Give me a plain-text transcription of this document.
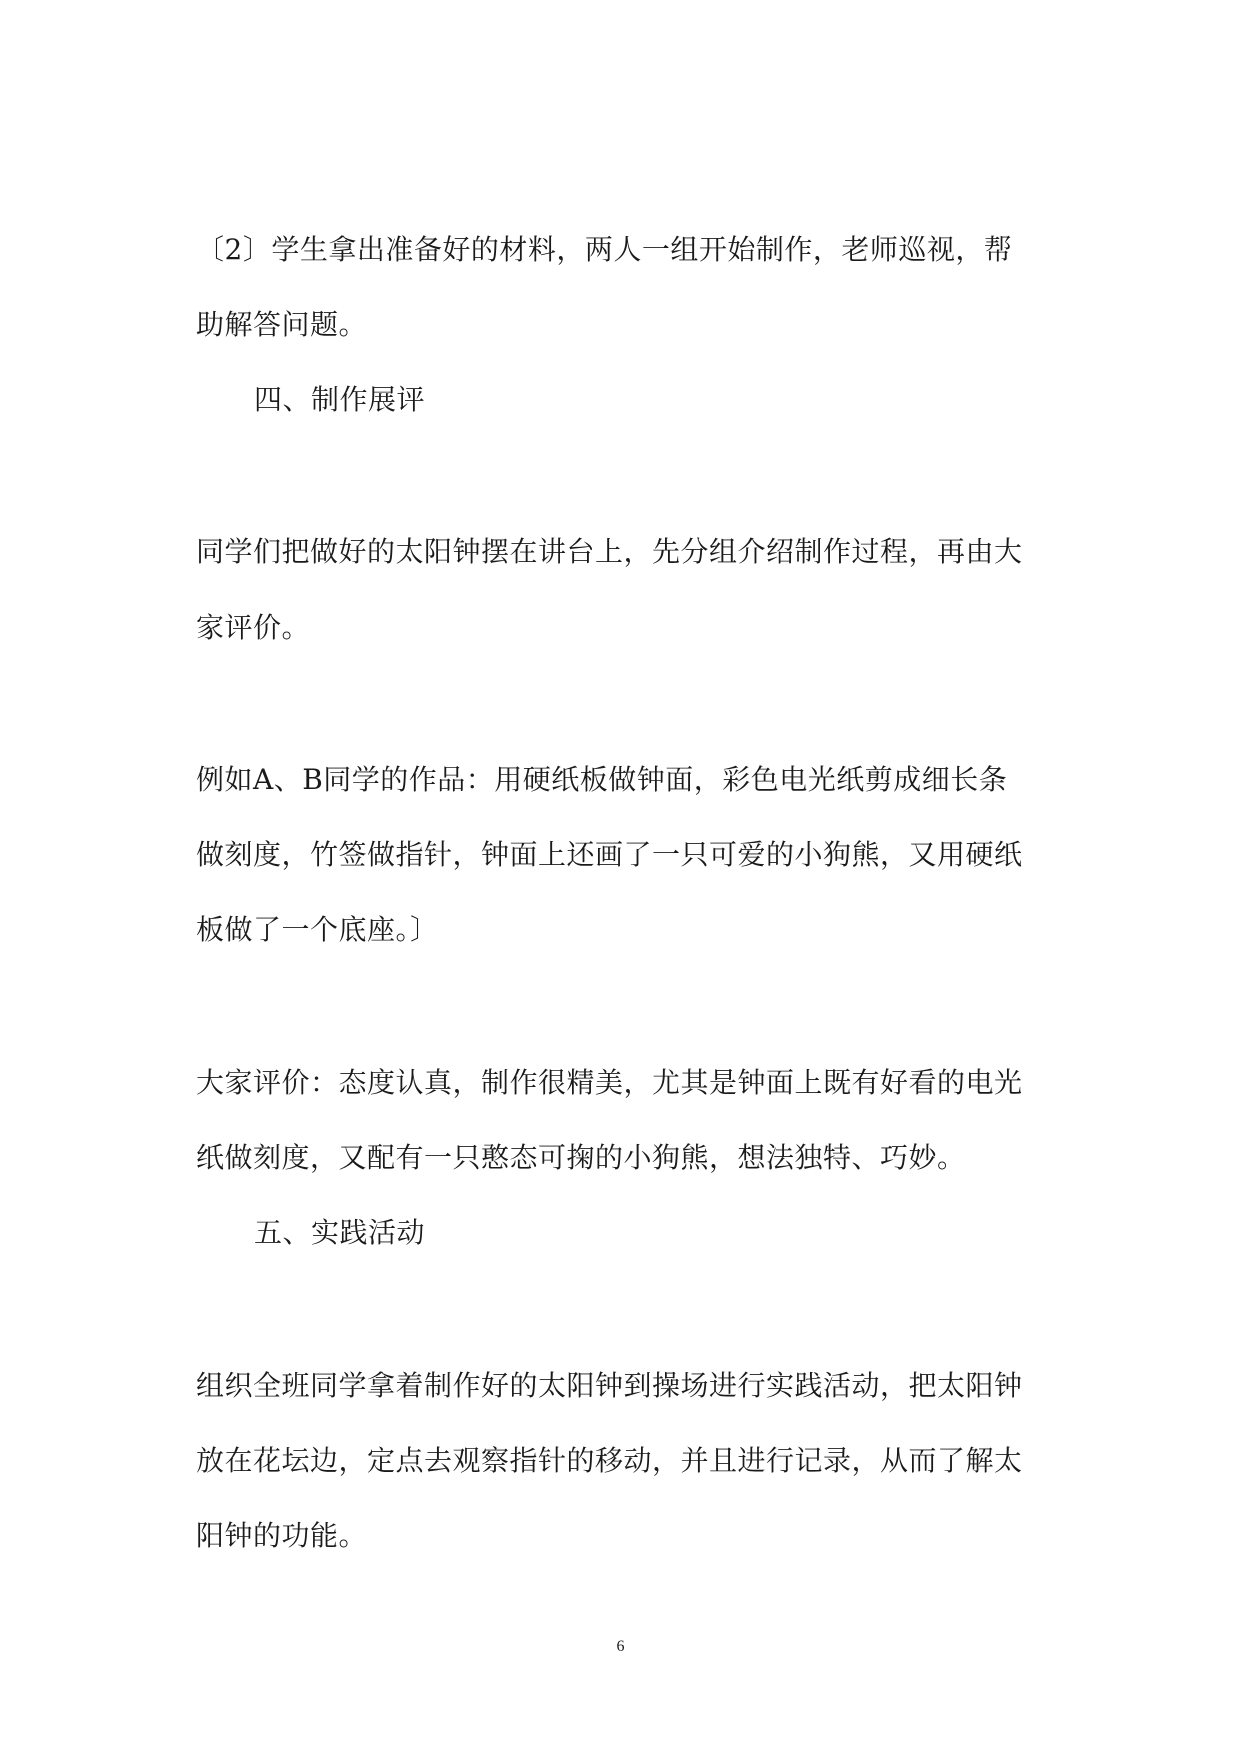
〔2〕学生拿出准备好的材料，两人一组开始制作，老师巡视，帮
助解答问题。
四、制作展评
同学们把做好的太阳钟摆在讲台上，先分组介绍制作过程，再由大
家评价。
例如A、B同学的作品：用硬纸板做钟面，彩色电光纸剪成细长条
做刻度，竹签做指针，钟面上还画了一只可爱的小狗熊，又用硬纸
板做了一个底座。〕
大家评价：态度认真，制作很精美，尤其是钟面上既有好看的电光
纸做刻度，又配有一只憨态可掬的小狗熊，想法独特、巧妙。
五、实践活动
组织全班同学拿着制作好的太阳钟到操场进行实践活动，把太阳钟
放在花坛边，定点去观察指针的移动，并且进行记录，从而了解太
阳钟的功能。
6
